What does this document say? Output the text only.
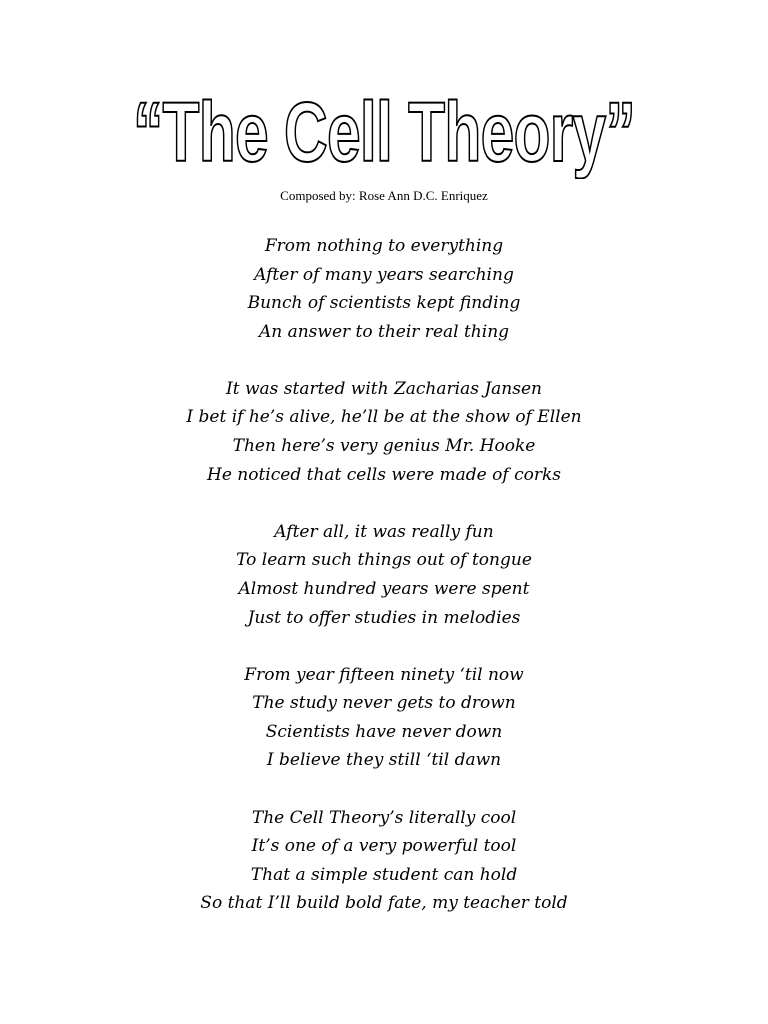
“The Cell Theory”
Composed by: Rose Ann D.C. Enriquez
From nothing to everything
After of many years searching
Bunch of scientists kept finding
An answer to their real thing
It was started with Zacharias Jansen
I bet if he’s alive, he’ll be at the show of Ellen
Then here’s very genius Mr. Hooke
He noticed that cells were made of corks
After all, it was really fun
To learn such things out of tongue
Almost hundred years were spent
Just to offer studies in melodies
From year fifteen ninety ‘til now
The study never gets to drown
Scientists have never down
I believe they still ‘til dawn
The Cell Theory’s literally cool
It’s one of a very powerful tool
That a simple student can hold
So that I’ll build bold fate, my teacher told
